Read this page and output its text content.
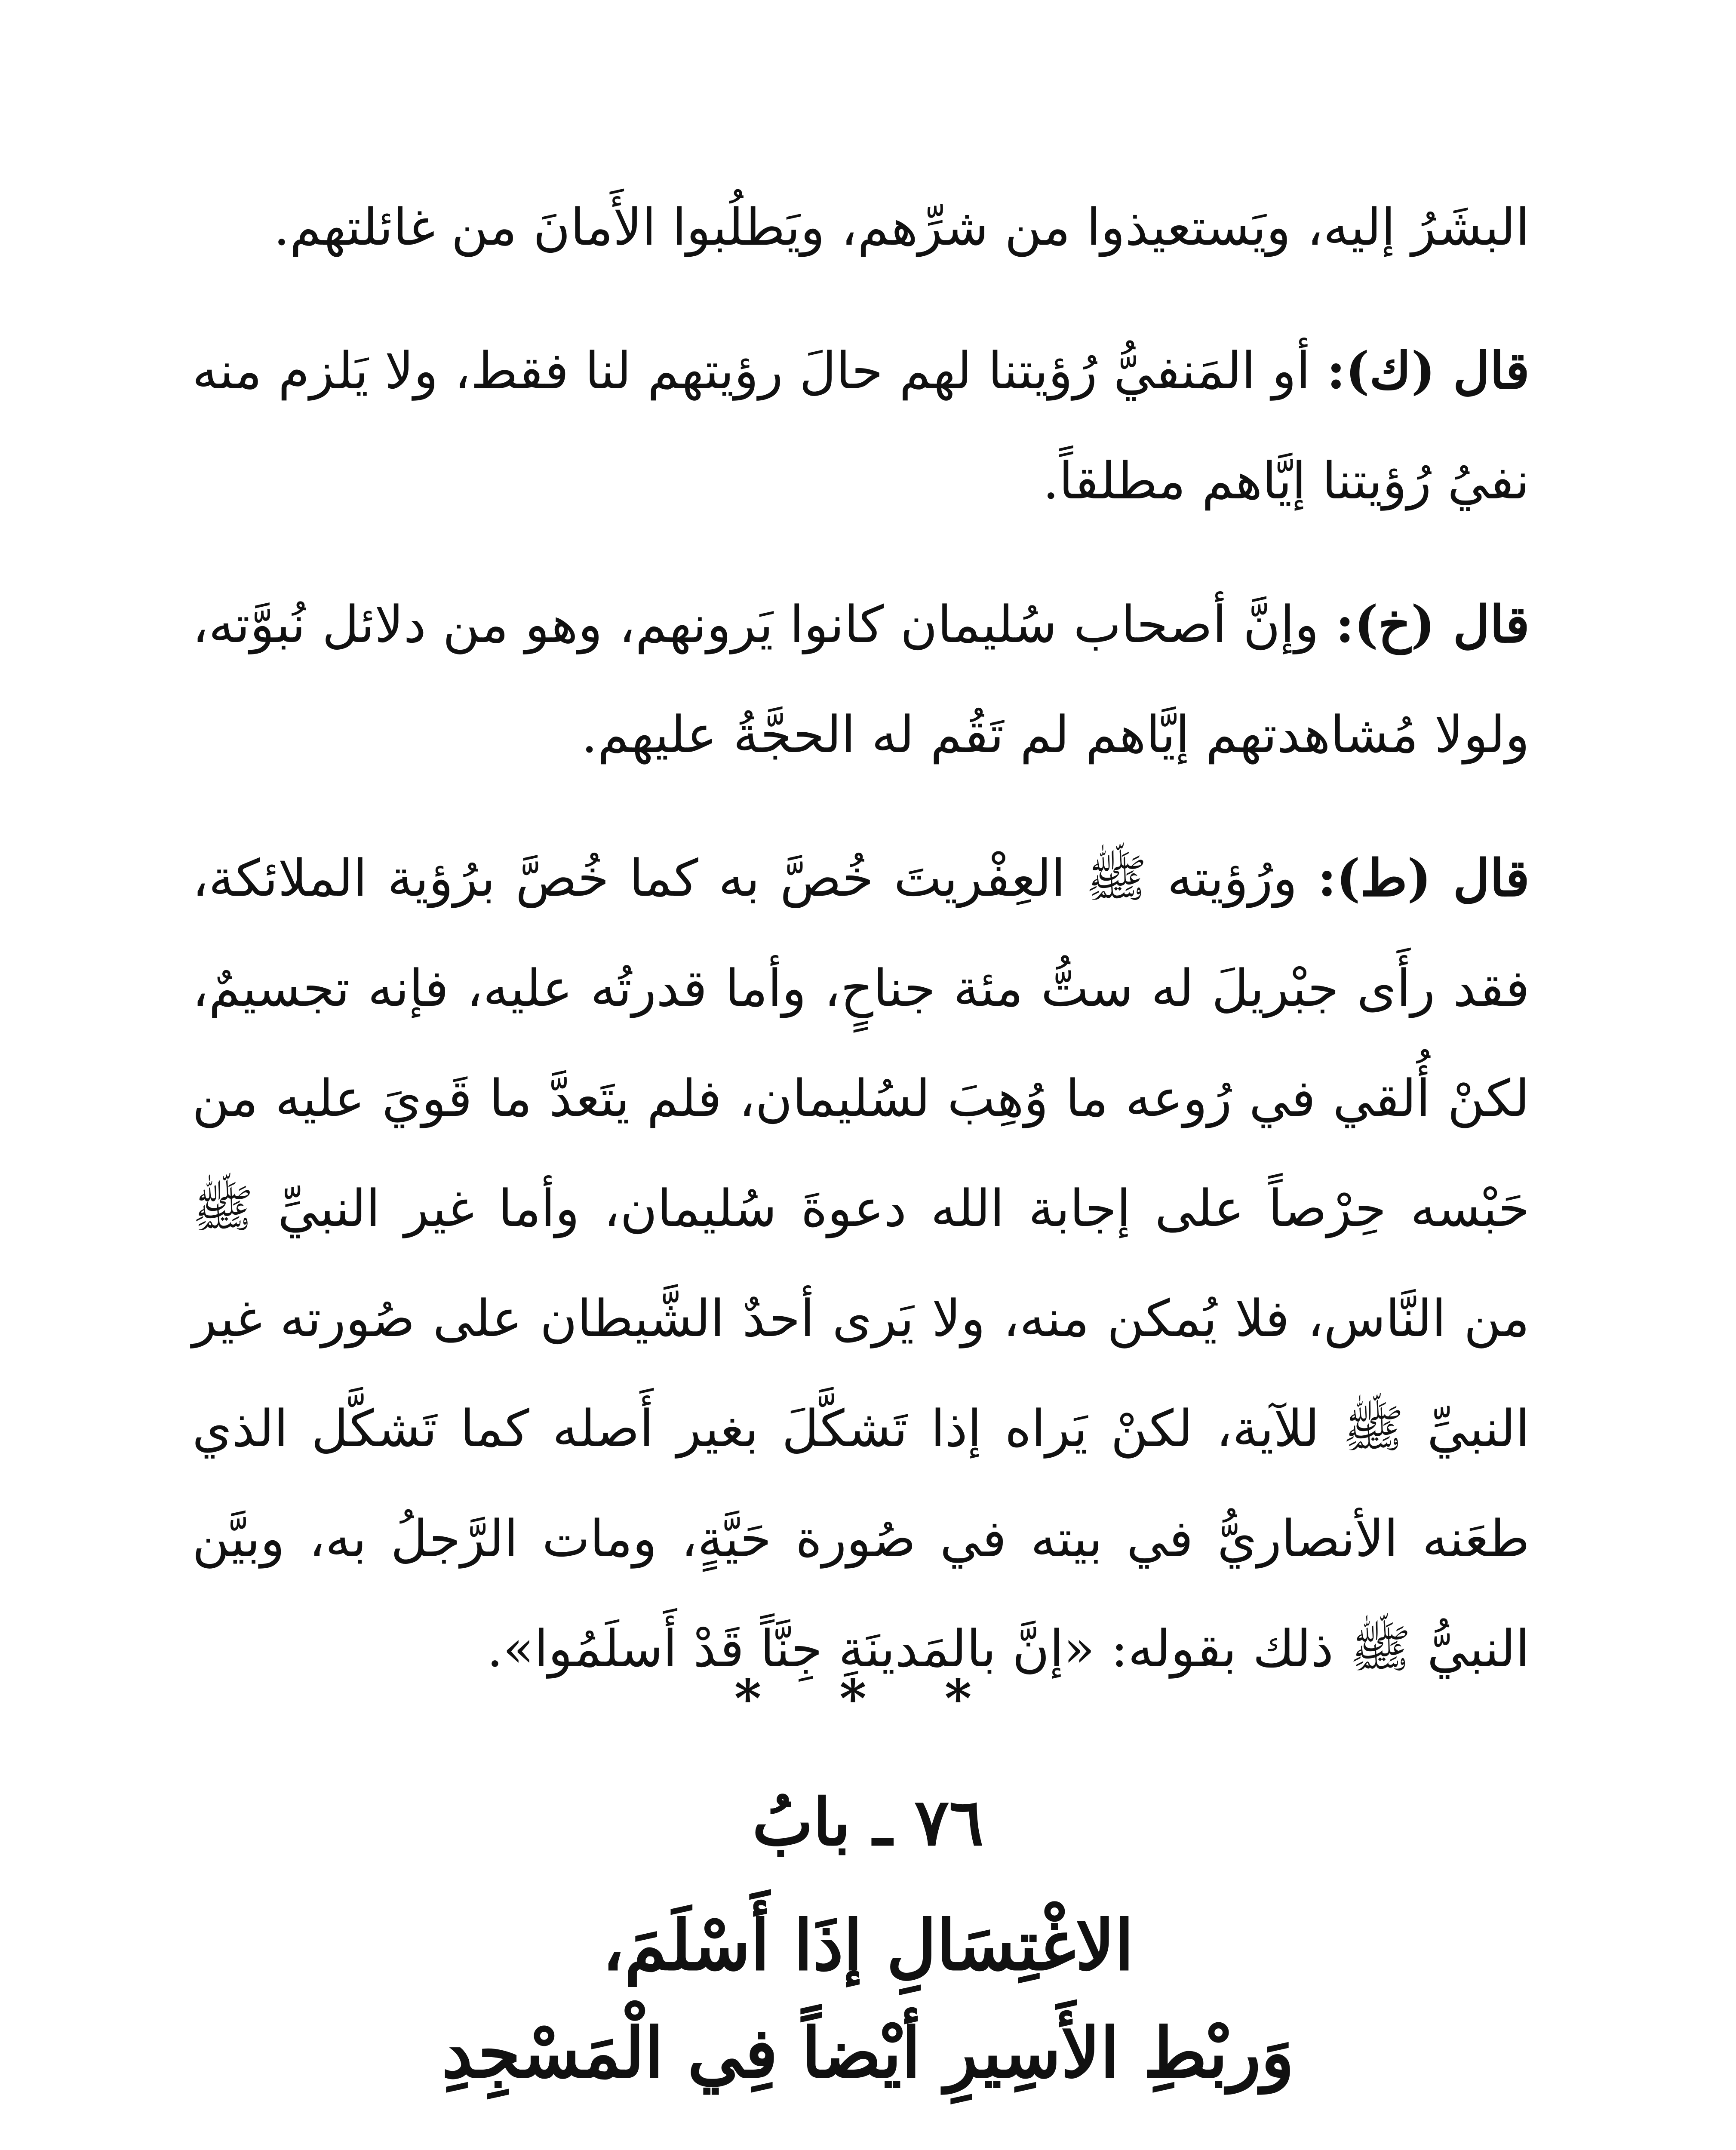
البشَرُ إليه، ويَستعيذوا من شرِّهم، ويَطلُبوا الأَمانَ من غائلتهم.

قال (ك): أو المَنفيُّ رُؤيتنا لهم حالَ رؤيتهم لنا فقط، ولا يَلزم منه نفيُ رُؤيتنا إيَّاهم مطلقاً.

قال (خ): وإنَّ أصحاب سُليمان كانوا يَرونهم، وهو من دلائل نُبوَّته، ولولا مُشاهدتهم إيَّاهم لم تَقُم له الحجَّةُ عليهم.

قال (ط): ورُؤيته ﷺ العِفْريتَ خُصَّ به كما خُصَّ برُؤية الملائكة، فقد رأَى جبْريلَ له ستُّ مئة جناحٍ، وأما قدرتُه عليه، فإنه تجسيمٌ، لكنْ أُلقي في رُوعه ما وُهِبَ لسُليمان، فلم يتَعدَّ ما قَويَ عليه من حَبْسه حِرْصاً على إجابة الله دعوةَ سُليمان، وأما غير النبيِّ ﷺ من النَّاس، فلا يُمكن منه، ولا يَرى أحدٌ الشَّيطان على صُورته غير النبيِّ ﷺ للآية، لكنْ يَراه إذا تَشكَّلَ بغير أَصله كما تَشكَّل الذي طعَنه الأنصاريُّ في بيته في صُورة حَيَّةٍ، ومات الرَّجلُ به، وبيَّن النبيُّ ﷺ ذلك بقوله: «إنَّ بالمَدينَةِ جِنَّاً قَدْ أَسلَمُوا».

* * *
٧٦ ـ بابُ
الاغْتِسَالِ إذَا أَسْلَمَ،
وَربْطِ الأَسِيرِ أيْضاً فِي الْمَسْجِدِ
